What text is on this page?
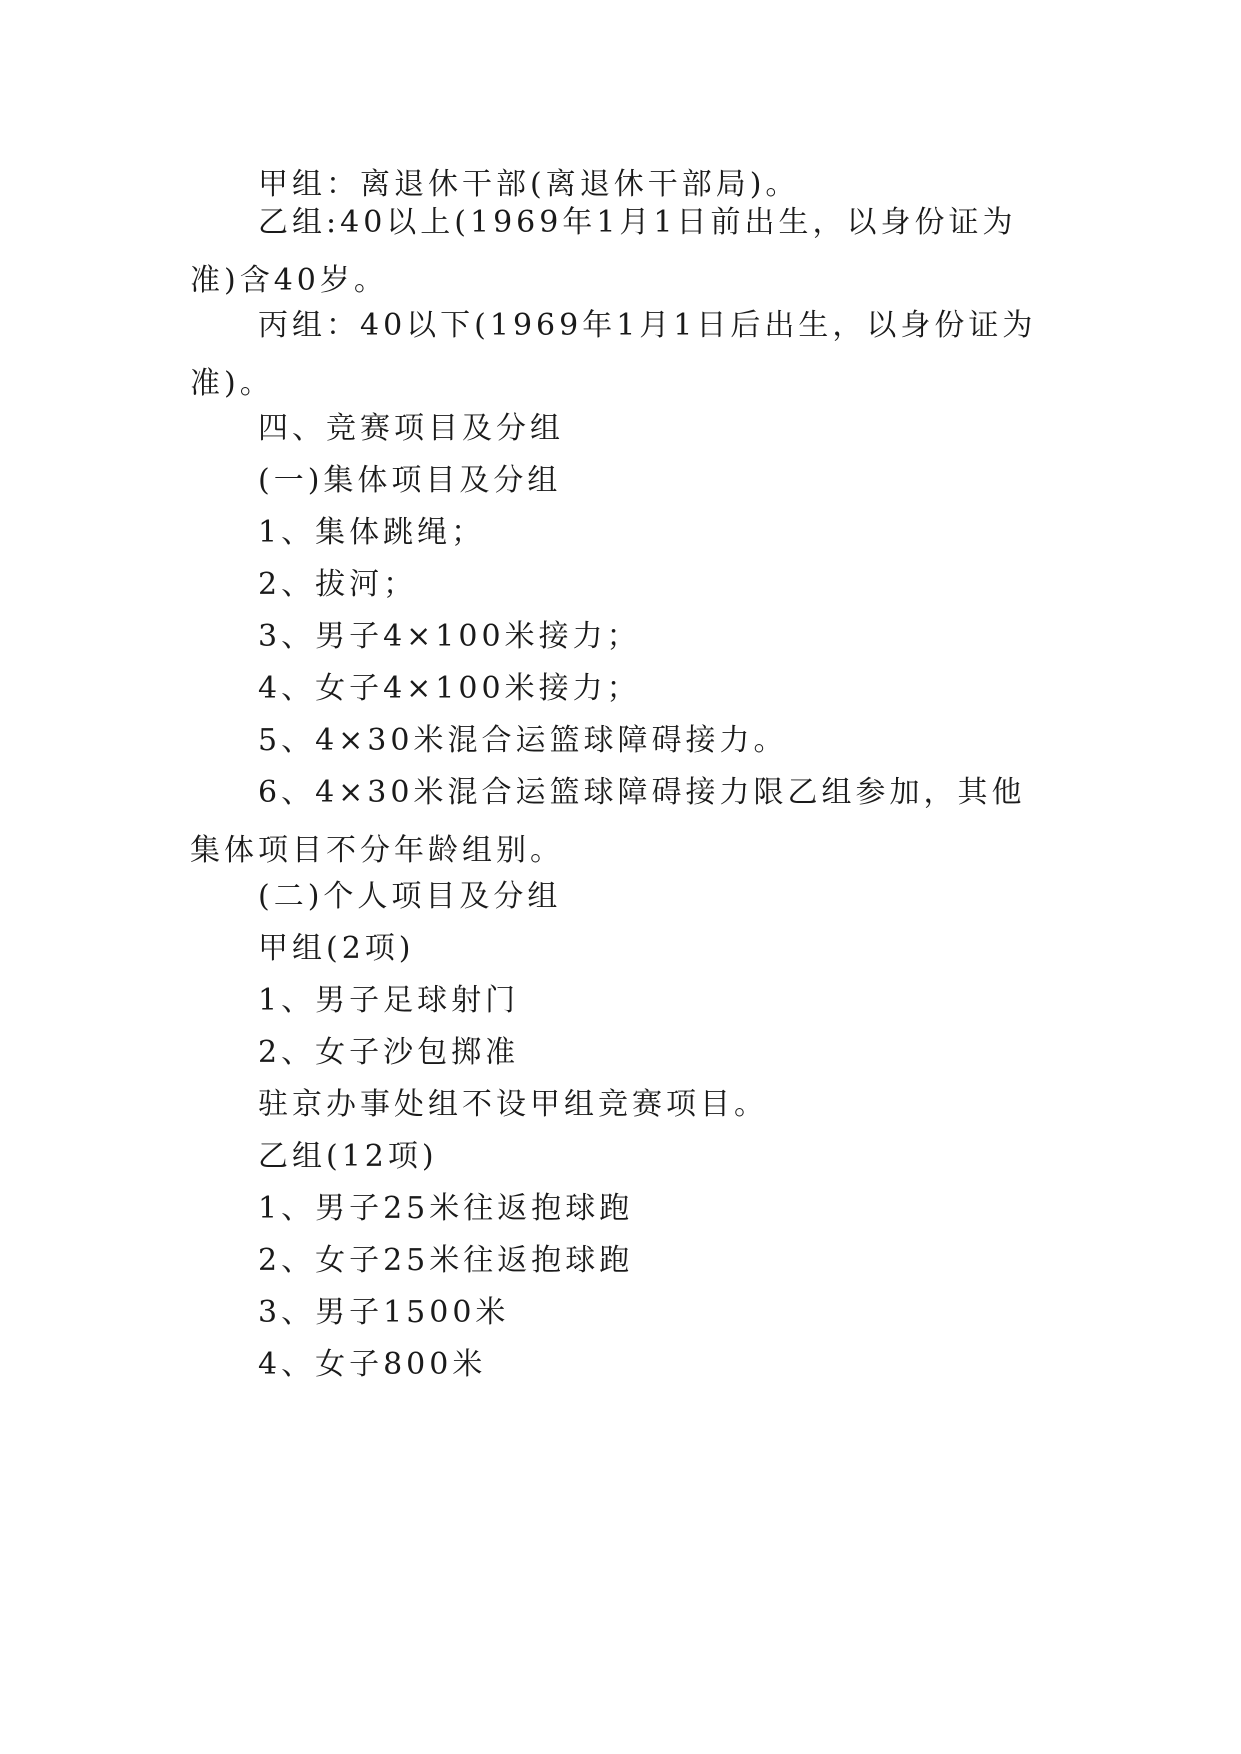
甲组：离退休干部(离退休干部局)。

乙组:40以上(1969年1月1日前出生，以身份证为准)含40岁。

丙组：40以下(1969年1月1日后出生，以身份证为准)。

四、竞赛项目及分组

(一)集体项目及分组

1、集体跳绳；

2、拔河；

3、男子4×100米接力；

4、女子4×100米接力；

5、4×30米混合运篮球障碍接力。

6、4×30米混合运篮球障碍接力限乙组参加，其他集体项目不分年龄组别。

(二)个人项目及分组

甲组(2项)

1、男子足球射门

2、女子沙包掷准

驻京办事处组不设甲组竞赛项目。

乙组(12项)

1、男子25米往返抱球跑

2、女子25米往返抱球跑

3、男子1500米

4、女子800米
